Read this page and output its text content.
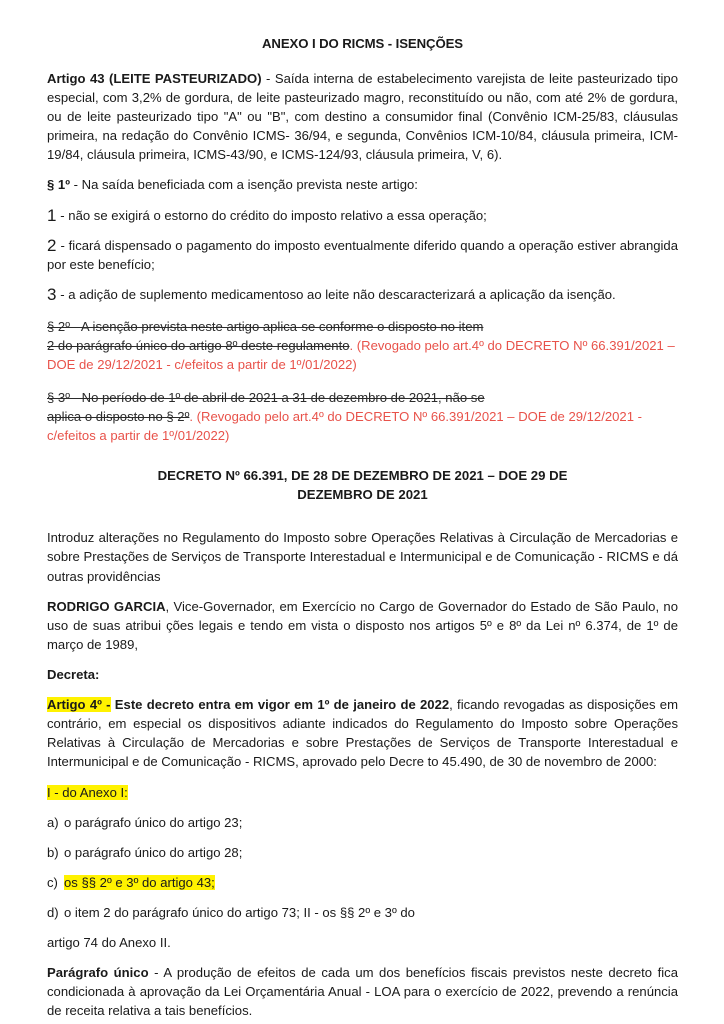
ANEXO I DO RICMS - ISENÇÕES

Artigo 43 (LEITE PASTEURIZADO) - Saída interna de estabelecimento varejista de leite pasteurizado tipo especial, com 3,2% de gordura, de leite pasteurizado magro, reconstituído ou não, com até 2% de gordura, ou de leite pasteurizado tipo "A" ou "B", com destino a consumidor final (Convênio ICM-25/83, cláusulas primeira, na redação do Convênio ICMS- 36/94, e segunda, Convênios ICM-10/84, cláusula primeira, ICM-19/84, cláusula primeira, ICMS-43/90, e ICMS-124/93, cláusula primeira, V, 6).

§ 1º - Na saída beneficiada com a isenção prevista neste artigo:

1 - não se exigirá o estorno do crédito do imposto relativo a essa operação;

2 - ficará dispensado o pagamento do imposto eventualmente diferido quando a operação estiver abrangida por este benefício;

3 - a adição de suplemento medicamentoso ao leite não descaracterizará a aplicação da isenção.

§ 2º - A isenção prevista neste artigo aplica-se conforme o disposto no item
2 do parágrafo único do artigo 8º deste regulamento. (Revogado pelo art.4º do DECRETO Nº 66.391/2021 – DOE de 29/12/2021 - c/efeitos a partir de 1º/01/2022)

§ 3º - No período de 1º de abril de 2021 a 31 de dezembro de 2021, não se
aplica o disposto no § 2º. (Revogado pelo art.4º do DECRETO Nº 66.391/2021 – DOE de 29/12/2021 - c/efeitos a partir de 1º/01/2022)

DECRETO Nº 66.391, DE 28 DE DEZEMBRO DE 2021 – DOE 29 DE
DEZEMBRO DE 2021

Introduz alterações no Regulamento do Imposto sobre Operações Relativas à Circulação de Mercadorias e sobre Prestações de Serviços de Transporte Interestadual e Intermunicipal e de Comunicação - RICMS e dá outras providências

RODRIGO GARCIA, Vice-Governador, em Exercício no Cargo de Governador do Estado de São Paulo, no uso de suas atribui ções legais e tendo em vista o disposto nos artigos 5º e 8º da Lei nº 6.374, de 1º de março de 1989,

Decreta:

Artigo 4º - Este decreto entra em vigor em 1º de janeiro de 2022, ficando revogadas as disposições em contrário, em especial os dispositivos adiante indicados do Regulamento do Imposto sobre Operações Relativas à Circulação de Mercadorias e sobre Prestações de Serviços de Transporte Interestadual e Intermunicipal e de Comunicação - RICMS, aprovado pelo Decre to 45.490, de 30 de novembro de 2000:

I - do Anexo I:

a) o parágrafo único do artigo 23;

b) o parágrafo único do artigo 28;

c) os §§ 2º e 3º do artigo 43;

d) o item 2 do parágrafo único do artigo 73; II - os §§ 2º e 3º do

artigo 74 do Anexo II.

Parágrafo único - A produção de efeitos de cada um dos benefícios fiscais previstos neste decreto fica condicionada à aprovação da Lei Orçamentária Anual - LOA para o exercício de 2022, prevendo a renúncia de receita relativa a tais benefícios.
